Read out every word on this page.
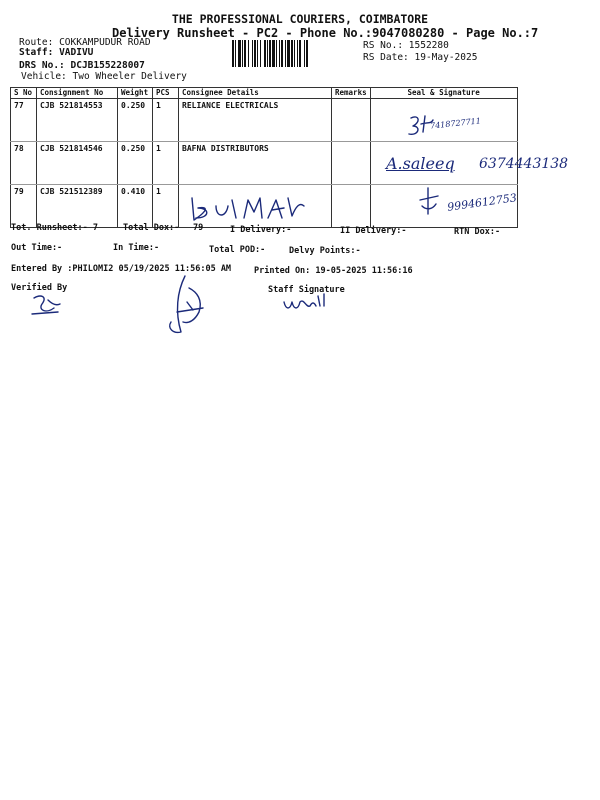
THE PROFESSIONAL COURIERS, COIMBATORE
Delivery Runsheet - PC2 - Phone No.:9047080280 - Page No.:7
Route: COKKAMPUDUR ROAD
Staff: VADIVU
DRS No.: DCJB155228007
Vehicle: Two Wheeler Delivery
RS No.: 1552280
RS Date: 19-May-2025
S No	Consignment No	Weight	PCS	Consignee Details	Remarks	Seal & Signature
77	CJB 521814553	0.250	1	RELIANCE ELECTRICALS		
78	CJB 521814546	0.250	1	BAFNA DISTRIBUTORS		
79	CJB 521512389	0.410	1			
Tot. Runsheet:- 7	Total Dox:- 79	I Delivery:-	II Delivery:-	RTN Dox:-
Out Time:-	In Time:-	Total POD:-	Delvy Points:-
Entered By :PHILOMI2 05/19/2025 11:56:05 AM	Printed On: 19-05-2025 11:56:16
Verified By	Staff Signature
7418727711
A.saleeq 6374443138
9994612753
